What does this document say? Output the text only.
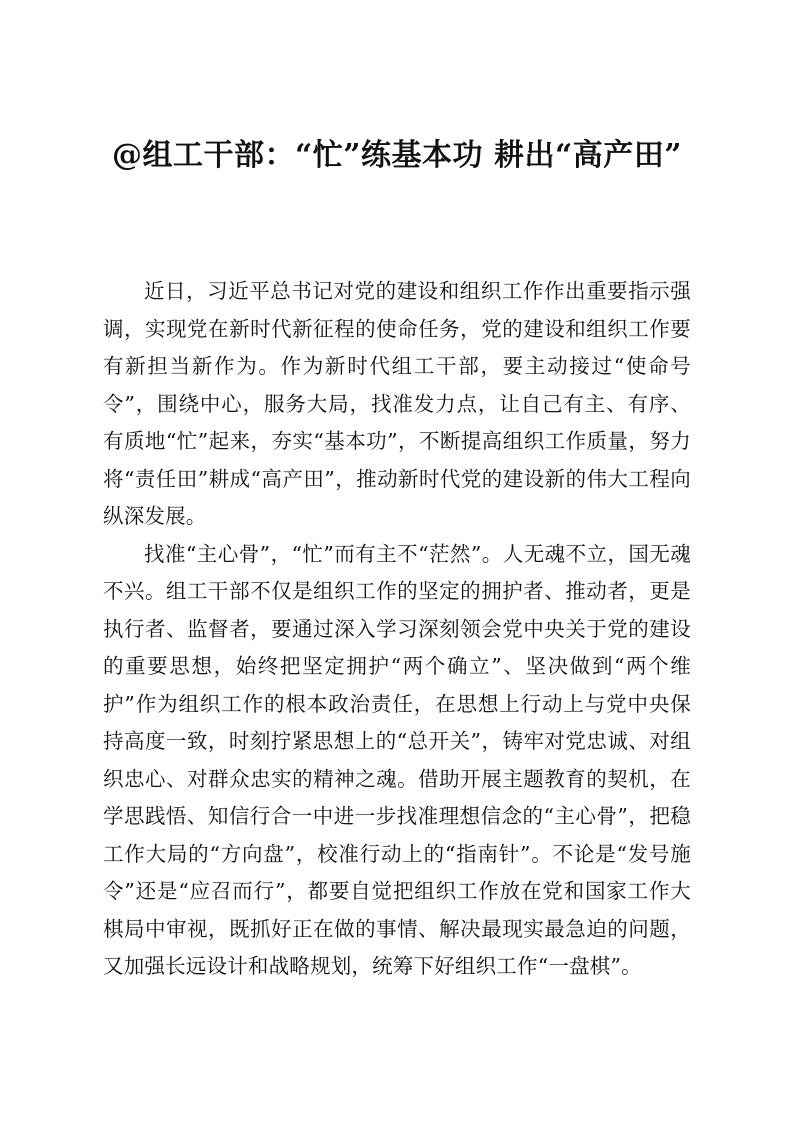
@组工干部：“忙”练基本功 耕出“高产田”

近日，习近平总书记对党的建设和组织工作作出重要指示强调，实现党在新时代新征程的使命任务，党的建设和组织工作要有新担当新作为。作为新时代组工干部，要主动接过“使命号令”，围绕中心，服务大局，找准发力点，让自己有主、有序、有质地“忙”起来，夯实“基本功”，不断提高组织工作质量，努力将“责任田”耕成“高产田”，推动新时代党的建设新的伟大工程向纵深发展。

找准“主心骨”，“忙”而有主不“茫然”。人无魂不立，国无魂不兴。组工干部不仅是组织工作的坚定的拥护者、推动者，更是执行者、监督者，要通过深入学习深刻领会党中央关于党的建设的重要思想，始终把坚定拥护“两个确立”、坚决做到“两个维护”作为组织工作的根本政治责任，在思想上行动上与党中央保持高度一致，时刻拧紧思想上的“总开关”，铸牢对党忠诚、对组织忠心、对群众忠实的精神之魂。借助开展主题教育的契机，在学思践悟、知信行合一中进一步找准理想信念的“主心骨”，把稳工作大局的“方向盘”，校准行动上的“指南针”。不论是“发号施令”还是“应召而行”，都要自觉把组织工作放在党和国家工作大棋局中审视，既抓好正在做的事情、解决最现实最急迫的问题，又加强长远设计和战略规划，统筹下好组织工作“一盘棋”。
